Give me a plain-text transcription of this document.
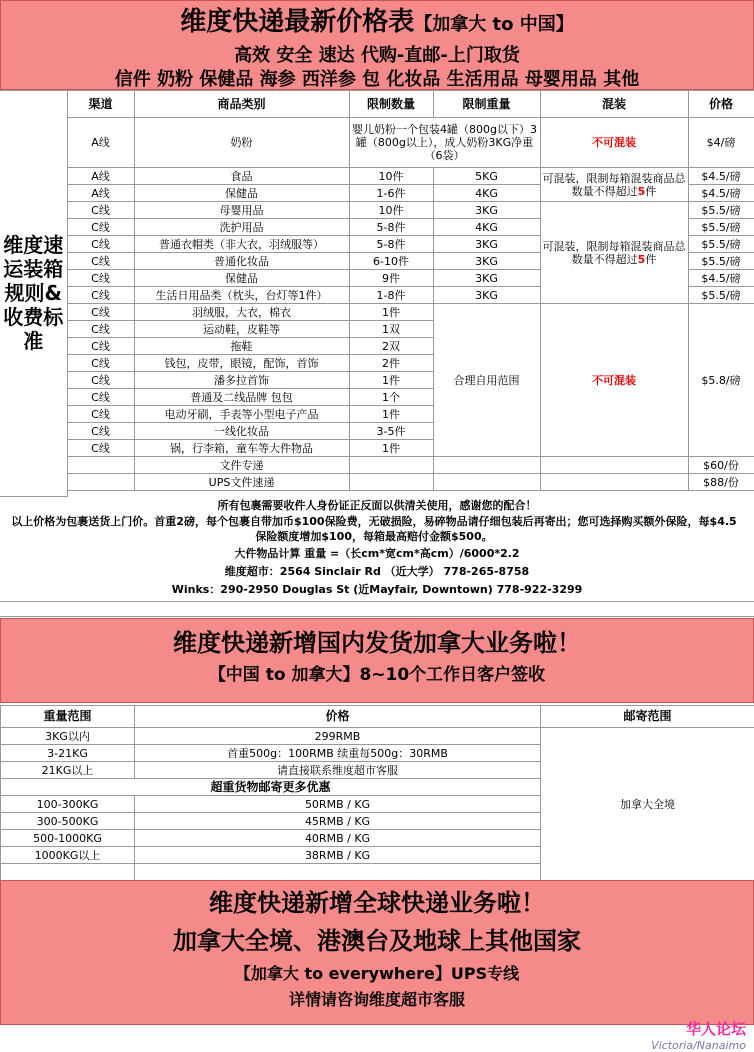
维度快递最新价格表【加拿大 to 中国】
高效 安全 速达 代购-直邮-上门取货
信件 奶粉 保健品 海参 西洋参 包 化妆品 生活用品 母婴用品 其他
维度速运装箱规则&收费标准	渠道	商品类别	限制数量	限制重量	混装	价格
	A线	奶粉	婴儿奶粉一个包装4罐（800g以下）3罐（800g以上），成人奶粉3KG净重（6袋）		不可混装	$4/磅
	A线	食品	10件	5KG	可混装，限制每箱混装商品总数量不得超过5件	$4.5/磅
	A线	保健品	1-6件	4KG		$4.5/磅
	C线	母婴用品	10件	3KG	可混装，限制每箱混装商品总数量不得超过5件	$5.5/磅
	C线	洗护用品	5-8件	4KG		$5.5/磅
	C线	普通衣帽类（非大衣，羽绒服等）	5-8件	3KG		$5.5/磅
	C线	普通化妆品	6-10件	3KG		$5.5/磅
	C线	保健品	9件	3KG		$4.5/磅
	C线	生活日用品类（枕头，台灯等1件）	1-8件	3KG		$5.5/磅
	C线	羽绒服，大衣，棉衣	1件	合理自用范围	不可混装	$5.8/磅
	C线	运动鞋，皮鞋等	1双			
	C线	拖鞋	2双			
	C线	钱包，皮带，眼镜，配饰，首饰	2件			
	C线	潘多拉首饰	1件			
	C线	普通及二线品牌 包包	1个			
	C线	电动牙刷，手表等小型电子产品	1件			
	C线	一线化妆品	3-5件			
	C线	锅，行李箱，童车等大件物品	1件			
		文件专递				$60/份
		UPS文件速递				$88/份

所有包裹需要收件人身份证正反面以供清关使用，感谢您的配合！
以上价格为包裹送货上门价。首重2磅，每个包裹自带加币$100保险费，无破损险，易碎物品请仔细包装后再寄出；您可选择购买额外保险，每$4.5保险额度增加$100，每箱最高赔付金额$500。
大件物品计算 重量 =（长cm*宽cm*高cm）/6000*2.2
维度超市：2564 Sinclair Rd （近大学） 778-265-8758
Winks：290-2950 Douglas St (近Mayfair, Downtown) 778-922-3299
维度快递新增国内发货加拿大业务啦！
【中国 to 加拿大】8~10个工作日客户签收
重量范围	价格	邮寄范围
3KG以内	299RMB	加拿大全境
3-21KG	首重500g：100RMB 续重每500g：30RMB	
21KG以上	请直接联系维度超市客服	
超重货物邮寄更多优惠		
100-300KG	50RMB / KG	
300-500KG	45RMB / KG	
500-1000KG	40RMB / KG	
1000KG以上	38RMB / KG	

维度快递新增全球快递业务啦！
加拿大全境、港澳台及地球上其他国家
【加拿大 to everywhere】UPS专线
详情请咨询维度超市客服
华人论坛
Victoria/Nanaimo
